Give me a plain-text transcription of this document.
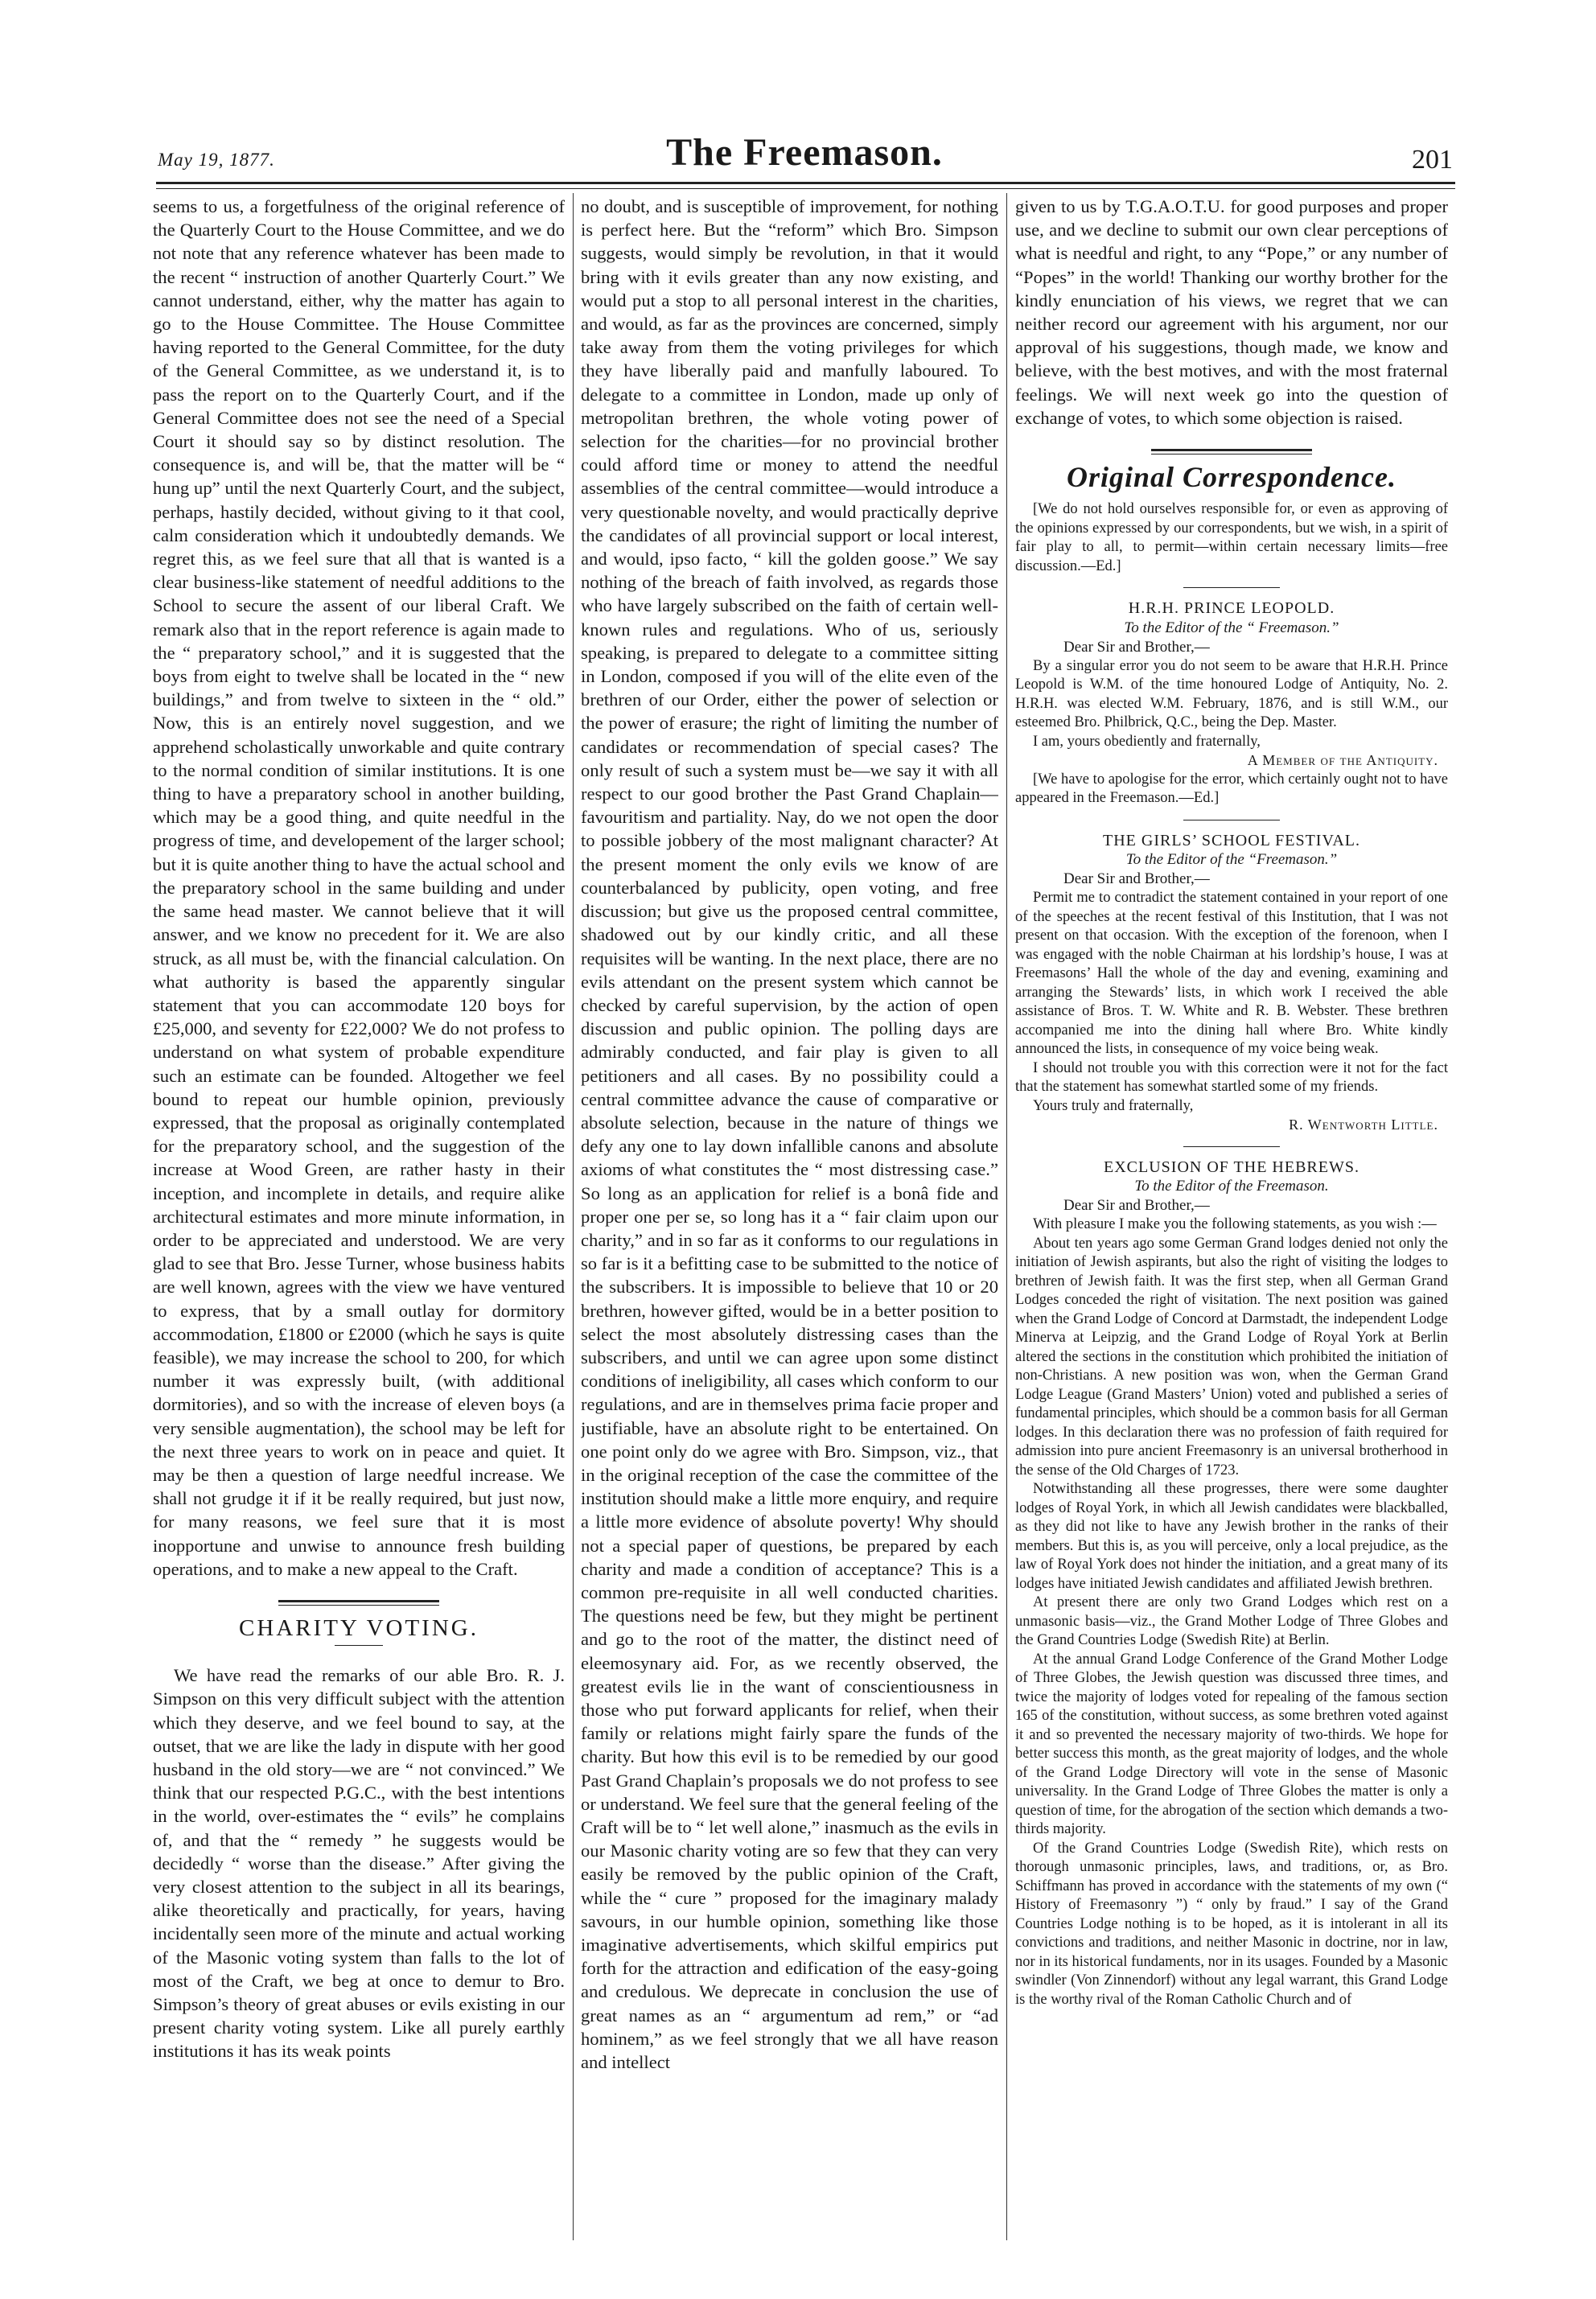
May 19, 1877.	The Freemason.	201

seems to us, a forgetfulness of the original reference of the Quarterly Court to the House Committee, and we do not note that any reference whatever has been made to the recent “ instruction of another Quarterly Court.” We cannot understand, either, why the matter has again to go to the House Committee. The House Committee having reported to the General Committee, for the duty of the General Committee, as we understand it, is to pass the report on to the Quarterly Court, and if the General Committee does not see the need of a Special Court it should say so by distinct resolution. The consequence is, and will be, that the matter will be “ hung up” until the next Quarterly Court, and the subject, perhaps, hastily decided, without giving to it that cool, calm consideration which it undoubtedly demands. We regret this, as we feel sure that all that is wanted is a clear business-like statement of needful additions to the School to secure the assent of our liberal Craft. We remark also that in the report reference is again made to the “ preparatory school,” and it is suggested that the boys from eight to twelve shall be located in the “ new buildings,” and from twelve to sixteen in the “ old.” Now, this is an entirely novel suggestion, and we apprehend scholastically unworkable and quite contrary to the normal condition of similar institutions. It is one thing to have a preparatory school in another building, which may be a good thing, and quite needful in the progress of time, and developement of the larger school; but it is quite another thing to have the actual school and the preparatory school in the same building and under the same head master. We cannot believe that it will answer, and we know no precedent for it. We are also struck, as all must be, with the financial calculation. On what authority is based the apparently singular statement that you can accommodate 120 boys for £25,000, and seventy for £22,000? We do not profess to understand on what system of probable expenditure such an estimate can be founded. Altogether we feel bound to repeat our humble opinion, previously expressed, that the proposal as originally contemplated for the preparatory school, and the suggestion of the increase at Wood Green, are rather hasty in their inception, and incomplete in details, and require alike architectural estimates and more minute information, in order to be appreciated and understood. We are very glad to see that Bro. Jesse Turner, whose business habits are well known, agrees with the view we have ventured to express, that by a small outlay for dormitory accommodation, £1800 or £2000 (which he says is quite feasible), we may increase the school to 200, for which number it was expressly built, (with additional dormitories), and so with the increase of eleven boys (a very sensible augmentation), the school may be left for the next three years to work on in peace and quiet. It may be then a question of large needful increase. We shall not grudge it if it be really required, but just now, for many reasons, we feel sure that it is most inopportune and unwise to announce fresh building operations, and to make a new appeal to the Craft.

CHARITY VOTING.

We have read the remarks of our able Bro. R. J. Simpson on this very difficult subject with the attention which they deserve, and we feel bound to say, at the outset, that we are like the lady in dispute with her good husband in the old story—we are “ not convinced.” We think that our respected P.G.C., with the best intentions in the world, over-estimates the “ evils” he complains of, and that the “ remedy ” he suggests would be decidedly “ worse than the disease.” After giving the very closest attention to the subject in all its bearings, alike theoretically and practically, for years, having incidentally seen more of the minute and actual working of the Masonic voting system than falls to the lot of most of the Craft, we beg at once to demur to Bro. Simpson’s theory of great abuses or evils existing in our present charity voting system. Like all purely earthly institutions it has its weak points

no doubt, and is susceptible of improvement, for nothing is perfect here. But the “reform” which Bro. Simpson suggests, would simply be revolution, in that it would bring with it evils greater than any now existing, and would put a stop to all personal interest in the charities, and would, as far as the provinces are concerned, simply take away from them the voting privileges for which they have liberally paid and manfully laboured. To delegate to a committee in London, made up only of metropolitan brethren, the whole voting power of selection for the charities—for no provincial brother could afford time or money to attend the needful assemblies of the central committee—would introduce a very questionable novelty, and would practically deprive the candidates of all provincial support or local interest, and would, ipso facto, “ kill the golden goose.” We say nothing of the breach of faith involved, as regards those who have largely subscribed on the faith of certain well-known rules and regulations. Who of us, seriously speaking, is prepared to delegate to a committee sitting in London, composed if you will of the elite even of the brethren of our Order, either the power of selection or the power of erasure; the right of limiting the number of candidates or recommendation of special cases? The only result of such a system must be—we say it with all respect to our good brother the Past Grand Chaplain—favouritism and partiality. Nay, do we not open the door to possible jobbery of the most malignant character? At the present moment the only evils we know of are counterbalanced by publicity, open voting, and free discussion; but give us the proposed central committee, shadowed out by our kindly critic, and all these requisites will be wanting. In the next place, there are no evils attendant on the present system which cannot be checked by careful supervision, by the action of open discussion and public opinion. The polling days are admirably conducted, and fair play is given to all petitioners and all cases. By no possibility could a central committee advance the cause of comparative or absolute selection, because in the nature of things we defy any one to lay down infallible canons and absolute axioms of what constitutes the “ most distressing case.” So long as an application for relief is a bonâ fide and proper one per se, so long has it a “ fair claim upon our charity,” and in so far as it conforms to our regulations in so far is it a befitting case to be submitted to the notice of the subscribers. It is impossible to believe that 10 or 20 brethren, however gifted, would be in a better position to select the most absolutely distressing cases than the subscribers, and until we can agree upon some distinct conditions of ineligibility, all cases which conform to our regulations, and are in themselves prima facie proper and justifiable, have an absolute right to be entertained. On one point only do we agree with Bro. Simpson, viz., that in the original reception of the case the committee of the institution should make a little more enquiry, and require a little more evidence of absolute poverty! Why should not a special paper of questions, be prepared by each charity and made a condition of acceptance? This is a common pre-requisite in all well conducted charities. The questions need be few, but they might be pertinent and go to the root of the matter, the distinct need of eleemosynary aid. For, as we recently observed, the greatest evils lie in the want of conscientiousness in those who put forward applicants for relief, when their family or relations might fairly spare the funds of the charity. But how this evil is to be remedied by our good Past Grand Chaplain’s proposals we do not profess to see or understand. We feel sure that the general feeling of the Craft will be to “ let well alone,” inasmuch as the evils in our Masonic charity voting are so few that they can very easily be removed by the public opinion of the Craft, while the “ cure ” proposed for the imaginary malady savours, in our humble opinion, something like those imaginative advertisements, which skilful empirics put forth for the attraction and edification of the easy-going and credulous. We deprecate in conclusion the use of great names as an “ argumentum ad rem,” or “ad hominem,” as we feel strongly that we all have reason and intellect

given to us by T.G.A.O.T.U. for good purposes and proper use, and we decline to submit our own clear perceptions of what is needful and right, to any “Pope,” or any number of “Popes” in the world! Thanking our worthy brother for the kindly enunciation of his views, we regret that we can neither record our agreement with his argument, nor our approval of his suggestions, though made, we know and believe, with the best motives, and with the most fraternal feelings. We will next week go into the question of exchange of votes, to which some objection is raised.

Original Correspondence.

[We do not hold ourselves responsible for, or even as approving of the opinions expressed by our correspondents, but we wish, in a spirit of fair play to all, to permit—within certain necessary limits—free discussion.—Ed.]

H.R.H. PRINCE LEOPOLD.
To the Editor of the “ Freemason.”
Dear Sir and Brother,—

By a singular error you do not seem to be aware that H.R.H. Prince Leopold is W.M. of the time honoured Lodge of Antiquity, No. 2. H.R.H. was elected W.M. February, 1876, and is still W.M., our esteemed Bro. Philbrick, Q.C., being the Dep. Master.

I am, yours obediently and fraternally,

A Member of the Antiquity.

[We have to apologise for the error, which certainly ought not to have appeared in the Freemason.—Ed.]

THE GIRLS’ SCHOOL FESTIVAL.
To the Editor of the “Freemason.”
Dear Sir and Brother,—

Permit me to contradict the statement contained in your report of one of the speeches at the recent festival of this Institution, that I was not present on that occasion. With the exception of the forenoon, when I was engaged with the noble Chairman at his lordship’s house, I was at Freemasons’ Hall the whole of the day and evening, examining and arranging the Stewards’ lists, in which work I received the able assistance of Bros. T. W. White and R. B. Webster. These brethren accompanied me into the dining hall where Bro. White kindly announced the lists, in consequence of my voice being weak.

I should not trouble you with this correction were it not for the fact that the statement has somewhat startled some of my friends.

Yours truly and fraternally,

R. Wentworth Little.
EXCLUSION OF THE HEBREWS.
To the Editor of the Freemason.
Dear Sir and Brother,—

With pleasure I make you the following statements, as you wish :—

About ten years ago some German Grand lodges denied not only the initiation of Jewish aspirants, but also the right of visiting the lodges to brethren of Jewish faith. It was the first step, when all German Grand Lodges conceded the right of visitation. The next position was gained when the Grand Lodge of Concord at Darmstadt, the independent Lodge Minerva at Leipzig, and the Grand Lodge of Royal York at Berlin altered the sections in the constitution which prohibited the initiation of non-Christians. A new position was won, when the German Grand Lodge League (Grand Masters’ Union) voted and published a series of fundamental principles, which should be a common basis for all German lodges. In this declaration there was no profession of faith required for admission into pure ancient Freemasonry is an universal brotherhood in the sense of the Old Charges of 1723.

Notwithstanding all these progresses, there were some daughter lodges of Royal York, in which all Jewish candidates were blackballed, as they did not like to have any Jewish brother in the ranks of their members. But this is, as you will perceive, only a local prejudice, as the law of Royal York does not hinder the initiation, and a great many of its lodges have initiated Jewish candidates and affiliated Jewish brethren.

At present there are only two Grand Lodges which rest on a unmasonic basis—viz., the Grand Mother Lodge of Three Globes and the Grand Countries Lodge (Swedish Rite) at Berlin.

At the annual Grand Lodge Conference of the Grand Mother Lodge of Three Globes, the Jewish question was discussed three times, and twice the majority of lodges voted for repealing of the famous section 165 of the constitution, without success, as some brethren voted against it and so prevented the necessary majority of two-thirds. We hope for better success this month, as the great majority of lodges, and the whole of the Grand Lodge Directory will vote in the sense of Masonic universality. In the Grand Lodge of Three Globes the matter is only a question of time, for the abrogation of the section which demands a two-thirds majority.

Of the Grand Countries Lodge (Swedish Rite), which rests on thorough unmasonic principles, laws, and traditions, or, as Bro. Schiffmann has proved in accordance with the statements of my own (“ History of Freemasonry ”) “ only by fraud.” I say of the Grand Countries Lodge nothing is to be hoped, as it is intolerant in all its convictions and traditions, and neither Masonic in doctrine, nor in law, nor in its historical fundaments, nor in its usages. Founded by a Masonic swindler (Von Zinnendorf) without any legal warrant, this Grand Lodge is the worthy rival of the Roman Catholic Church and of
